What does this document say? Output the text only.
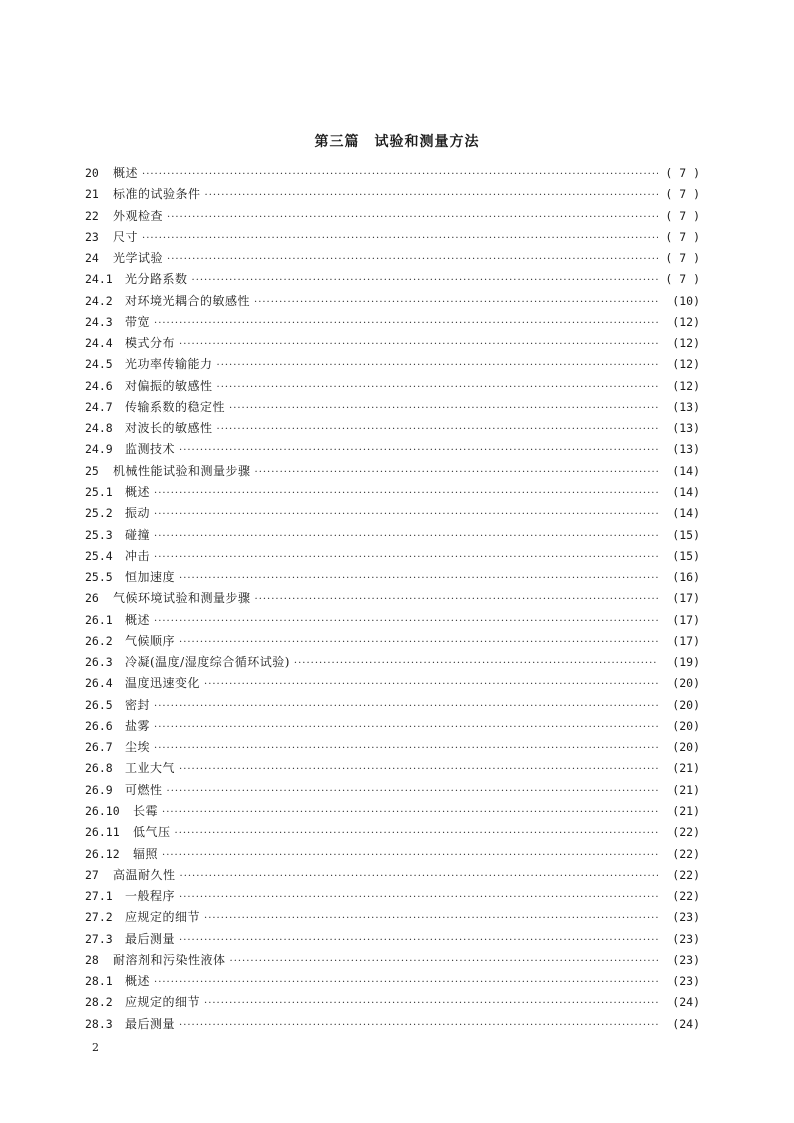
第三篇　试验和测量方法
20	概述 ·····	( 7 )
21	标准的试验条件 ·····	( 7 )
22	外观检查 ·····	( 7 )
23	尺寸 ·····	( 7 )
24	光学试验 ·····	( 7 )
24.1	光分路系数 ·····	( 7 )
24.2	对环境光耦合的敏感性 ·····	(10)
24.3	带宽 ·····	(12)
24.4	模式分布 ·····	(12)
24.5	光功率传输能力 ·····	(12)
24.6	对偏振的敏感性 ·····	(12)
24.7	传输系数的稳定性 ·····	(13)
24.8	对波长的敏感性 ·····	(13)
24.9	监测技术 ·····	(13)
25	机械性能试验和测量步骤 ·····	(14)
25.1	概述 ·····	(14)
25.2	振动 ·····	(14)
25.3	碰撞 ·····	(15)
25.4	冲击 ·····	(15)
25.5	恒加速度 ·····	(16)
26	气候环境试验和测量步骤 ·····	(17)
26.1	概述 ·····	(17)
26.2	气候顺序 ·····	(17)
26.3	冷凝(温度/湿度综合循环试验) ·····	(19)
26.4	温度迅速变化 ·····	(20)
26.5	密封 ·····	(20)
26.6	盐雾 ·····	(20)
26.7	尘埃 ·····	(20)
26.8	工业大气 ·····	(21)
26.9	可燃性 ·····	(21)
26.10	长霉 ·····	(21)
26.11	低气压 ·····	(22)
26.12	辐照 ·····	(22)
27	高温耐久性 ·····	(22)
27.1	一般程序 ·····	(22)
27.2	应规定的细节 ·····	(23)
27.3	最后测量 ·····	(23)
28	耐溶剂和污染性液体 ·····	(23)
28.1	概述 ·····	(23)
28.2	应规定的细节 ·····	(24)
28.3	最后测量 ·····	(24)
2
